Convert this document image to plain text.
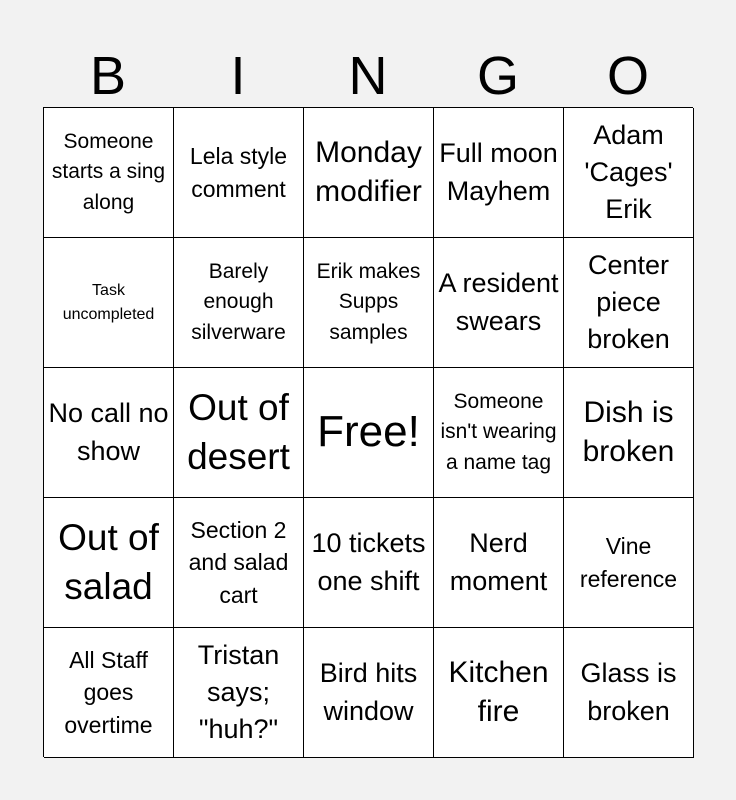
B	I	N	G	O
Someone starts a sing along
Lela style comment
Monday modifier
Full moon Mayhem
Adam 'Cages' Erik
Task uncompleted
Barely enough silverware
Erik makes Supps samples
A resident swears
Center piece broken
No call no show
Out of desert Free!
Someone isn't wearing a name tag
Dish is broken
Out of salad
Section 2 and salad cart
10 tickets one shift
Nerd moment
Vine reference
All Staff goes overtime
Tristan says; "huh?"
Bird hits window
Kitchen fire
Glass is broken
